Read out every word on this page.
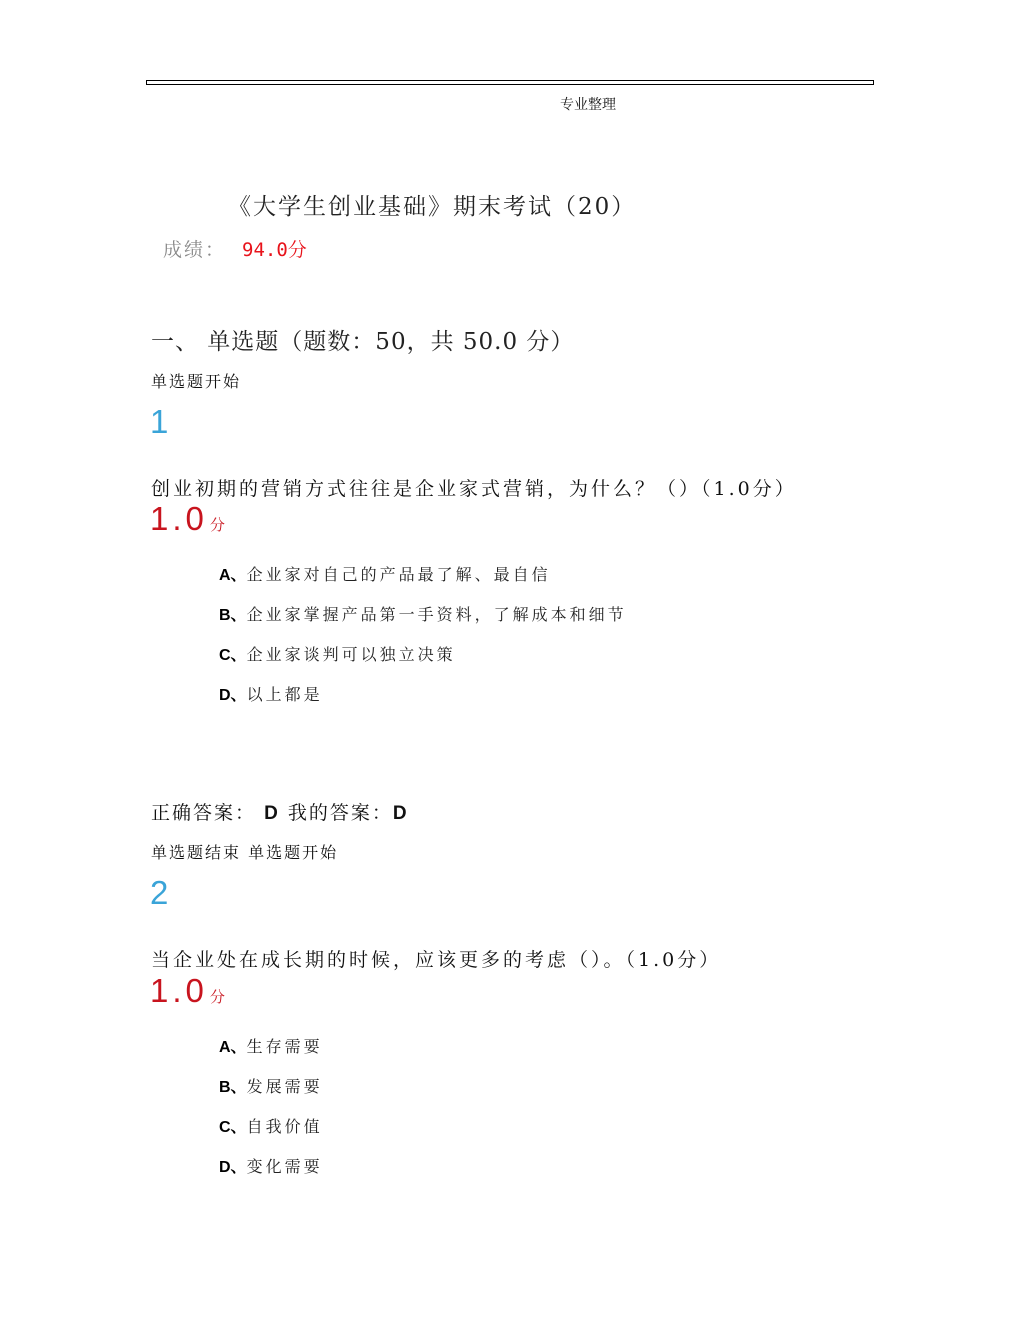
专业整理
《大学生创业基础》期末考试（20）
成绩： 94.0分
一、 单选题（题数：50，共 50.0 分）
单选题开始
1
创业初期的营销方式往往是企业家式营销，为什么？（）（1.0分）
1.0 分
A、企业家对自己的产品最了解、最自信
B、企业家掌握产品第一手资料，了解成本和细节
C、企业家谈判可以独立决策
D、以上都是
正确答案： D 我的答案：D
单选题结束 单选题开始
2
当企业处在成长期的时候，应该更多的考虑（）。（1.0分）
1.0 分
A、生存需要
B、发展需要
C、自我价值
D、变化需要
